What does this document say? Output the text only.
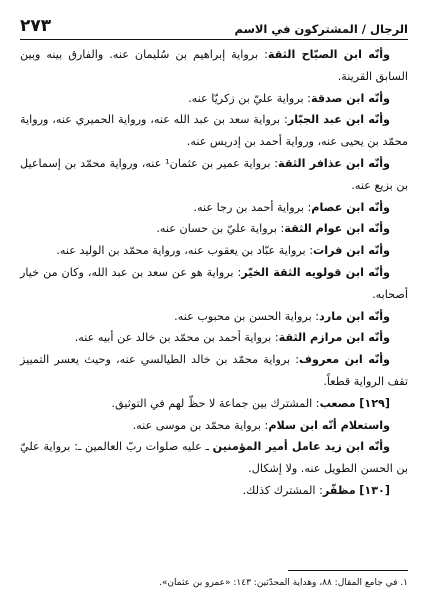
الرجال / المشتركون في الاسم
٢٧٣

وأنّه ابن الصبّاح الثقة: برواية إبراهيم بن سُليمان عنه. والفارق بينه وبين السابق القرينة.

وأنّه ابن صدقة: برواية عليّ بن زكريّا عنه.

وأنّه ابن عبد الجبّار: برواية سعد بن عبد الله عنه، ورواية الحميري عنه، ورواية محمّد بن يحيى عنه، ورواية أحمد بن إدريس عنه.

وأنّه ابن عذافر الثقة: برواية عمير بن عثمان¹ عنه، ورواية محمّد بن إسماعيل بن بزيع عنه.

وأنّه ابن عصام: برواية أحمد بن رجا عنه.

وأنّه ابن عوام الثقة: برواية عليّ بن حسان عنه.

وأنّه ابن فرات: برواية عبّاد بن يعقوب عنه، ورواية محمّد بن الوليد عنه.

وأنّه ابن قولويه الثقة الخيّر: برواية هو عن سعد بن عبد الله، وكان من خيار أصحابه.

وأنّه ابن مارد: برواية الحسن بن محبوب عنه.

وأنّه ابن مرازم الثقة: برواية أحمد بن محمّد بن خالد عن أبيه عنه.

وأنّه ابن معروف: برواية محمّد بن خالد الطيالسي عنه، وحيث يعسر التمييز تقف الرواية قطعاً.

[١٢٩] مصعب: المشترك بين جماعة لا حظّ لهم في التوثيق.

واستعلام أنّه ابن سلام: برواية محمّد بن موسى عنه.

وأنّه ابن زيد عامل أمير المؤمنين ـ عليه صلوات ربّ العالمين ـ: برواية عليّ بن الحسن الطويل عنه. ولا إشكال.

[١٣٠] مظفّر: المشترك كذلك.

١. في جامع المقال: ٨٨، وهداية المحدّثين: ١٤٣: «عمرو بن عثمان».
